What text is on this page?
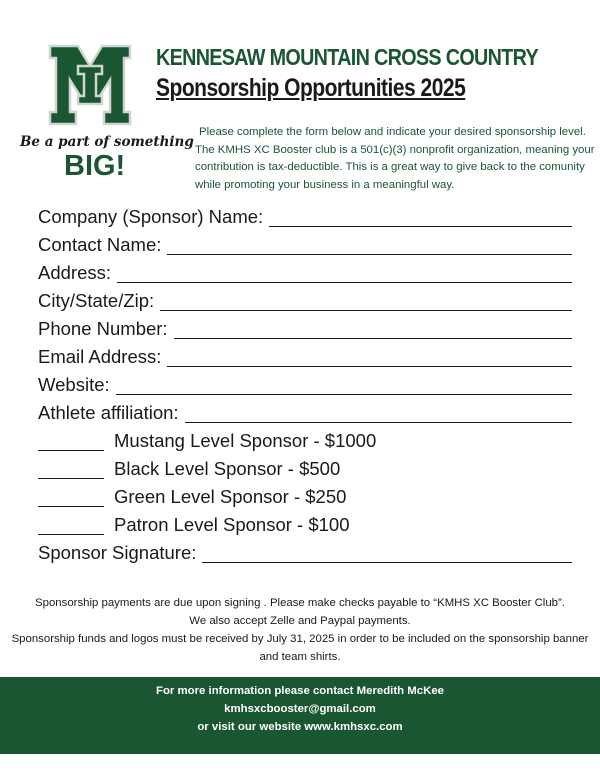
KENNESAW MOUNTAIN CROSS COUNTRY
Sponsorship Opportunities 2025
Be a part of something
BIG!
Please complete the form below and indicate your desired sponsorship level. The KMHS XC Booster club is a 501(c)(3) nonprofit organization, meaning your contribution is tax-deductible. This is a great way to give back to the comunity while promoting your business in a meaningful way.
Company (Sponsor) Name:
Contact Name:
Address:
City/State/Zip:
Phone Number:
Email Address:
Website:
Athlete affiliation:
Mustang Level Sponsor - $1000
Black Level Sponsor - $500
Green Level Sponsor - $250
Patron Level Sponsor - $100
Sponsor Signature:
Sponsorship payments are due upon signing . Please make checks payable to “KMHS XC Booster Club”.
We also accept Zelle and Paypal payments.
Sponsorship funds and logos must be received by July 31, 2025 in order to be included on the sponsorship banner and team shirts.
For more information please contact Meredith McKee
kmhsxcbooster@gmail.com
or visit our website www.kmhsxc.com
